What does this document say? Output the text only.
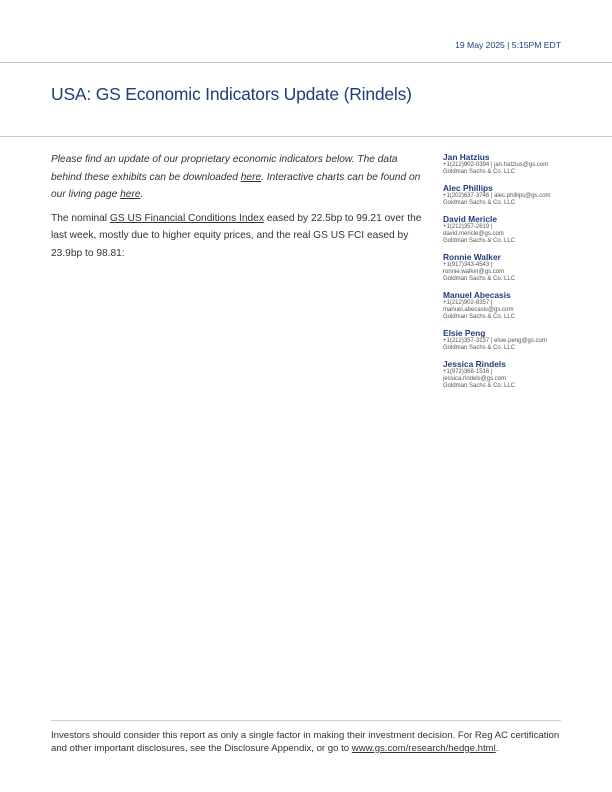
19 May 2025 | 5:15PM EDT
USA: GS Economic Indicators Update (Rindels)

Please find an update of our proprietary economic indicators below. The data behind these exhibits can be downloaded here. Interactive charts can be found on our living page here.

The nominal GS US Financial Conditions Index eased by 22.5bp to 99.21 over the last week, mostly due to higher equity prices, and the real GS US FCI eased by 23.9bp to 98.81:

Jan Hatzius
+1(212)902-0394 | jan.hatzius@gs.com
Goldman Sachs & Co. LLC
Alec Phillips
+1(202)637-3746 | alec.phillips@gs.com
Goldman Sachs & Co. LLC
David Mericle
+1(212)357-2619 |
david.mericle@gs.com
Goldman Sachs & Co. LLC
Ronnie Walker
+1(917)343-4543 |
ronnie.walker@gs.com
Goldman Sachs & Co. LLC
Manuel Abecasis
+1(212)902-8357 |
manuel.abecasis@gs.com
Goldman Sachs & Co. LLC
Elsie Peng
+1(212)357-3137 | elsie.peng@gs.com
Goldman Sachs & Co. LLC
Jessica Rindels
+1(972)368-1516 |
jessica.rindels@gs.com
Goldman Sachs & Co. LLC

Investors should consider this report as only a single factor in making their investment decision. For Reg AC certification and other important disclosures, see the Disclosure Appendix, or go to www.gs.com/research/hedge.html.
